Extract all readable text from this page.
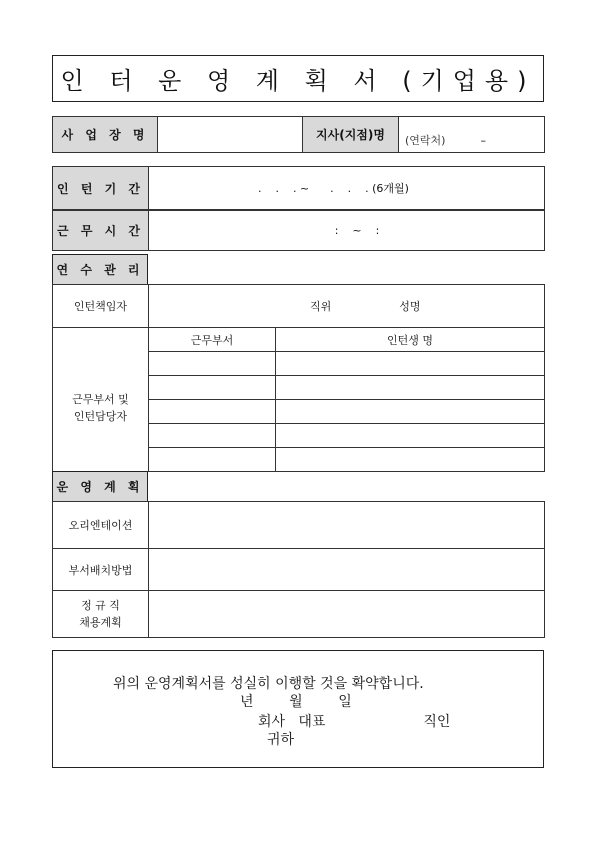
인 터 운 영 계 획 서 (기업용)
사 업 장 명		지사(지점)명	(연락처)	–
인 턴 기 간	.    .    . ~      .    .    . (6개월)

근 무 시 간	:    ~    :

연 수 관 리
인턴책임자	직위 성명	

근무부서 및
인턴담당자	근무부서	인턴생 명

운 영 계 획
오리엔테이션	
부서배치방법	

정 규 직
채용계획	

위의 운영계획서를 성실히 이행할 것을 확약합니다.
년        월        일
회사   대표                      직인
귀하
